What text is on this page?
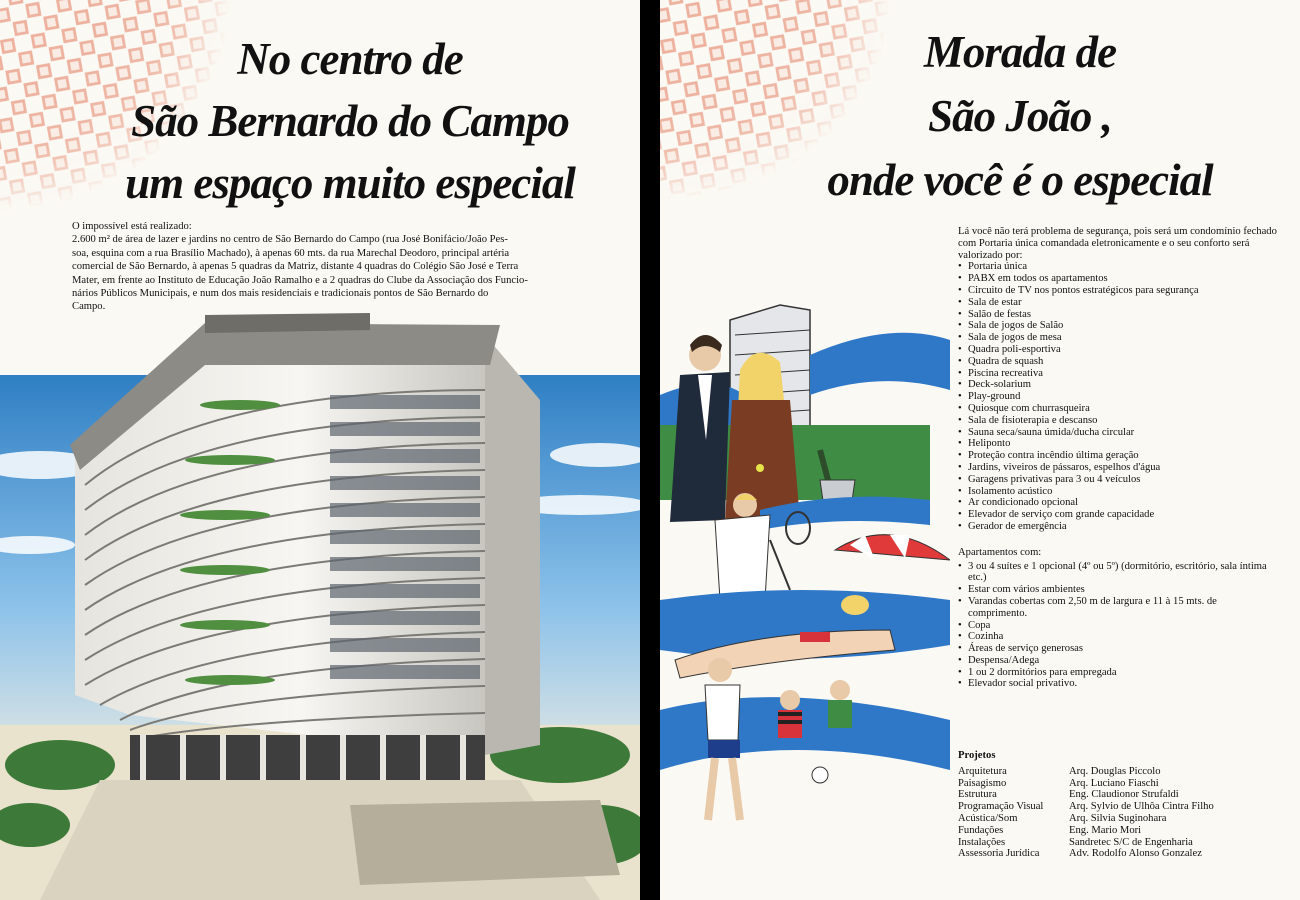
No centro de
São Bernardo do Campo
um espaço muito especial

O impossível está realizado:
2.600 m² de área de lazer e jardins no centro de São Bernardo do Campo (rua José Bonifácio/João Pes-
soa, esquina com a rua Brasílio Machado), à apenas 60 mts. da rua Marechal Deodoro, principal artéria
comercial de São Bernardo, à apenas 5 quadras da Matriz, distante 4 quadras do Colégio São José e Terra
Mater, em frente ao Instituto de Educação João Ramalho e a 2 quadras do Clube da Associação dos Funcio-
nários Públicos Municipais, e num dos mais residenciais e tradicionais pontos de São Bernardo do
Campo.

Morada de
São João ,
onde você é o especial

Lá você não terá problema de segurança, pois será um condomínio fechado com Portaria única comandada eletronicamente e o seu conforto será valorizado por:

• Portaria única
• PABX em todos os apartamentos
• Circuito de TV nos pontos estratégicos para segurança
• Sala de estar
• Salão de festas
• Sala de jogos de Salão
• Sala de jogos de mesa
• Quadra poli-esportiva
• Quadra de squash
• Piscina recreativa
• Deck-solarium
• Play-ground
• Quiosque com churrasqueira
• Sala de fisioterapia e descanso
• Sauna seca/sauna úmida/ducha circular
• Heliponto
• Proteção contra incêndio última geração
• Jardins, viveiros de pássaros, espelhos d'água
• Garagens privativas para 3 ou 4 veículos
• Isolamento acústico
• Ar condicionado opcional
• Elevador de serviço com grande capacidade
• Gerador de emergência

Apartamentos com:

• 3 ou 4 suítes e 1 opcional (4º ou 5º) (dormitório, escritório, sala íntima etc.)
• Estar com vários ambientes
• Varandas cobertas com 2,50 m de largura e 11 à 15 mts. de comprimento.
• Copa
• Cozinha
• Áreas de serviço generosas
• Despensa/Adega
• 1 ou 2 dormitórios para empregada
• Elevador social privativo.
Projetos
Arquitetura	Arq. Douglas Piccolo
Paisagismo	Arq. Luciano Fiaschi
Estrutura	Eng. Claudionor Strufaldi
Programação Visual	Arq. Sylvio de Ulhôa Cintra Filho
Acústica/Som	Arq. Silvia Suginohara
Fundações	Eng. Mario Mori
Instalações	Sandretec S/C de Engenharia
Assessoria Jurídica	Adv. Rodolfo Alonso Gonzalez
